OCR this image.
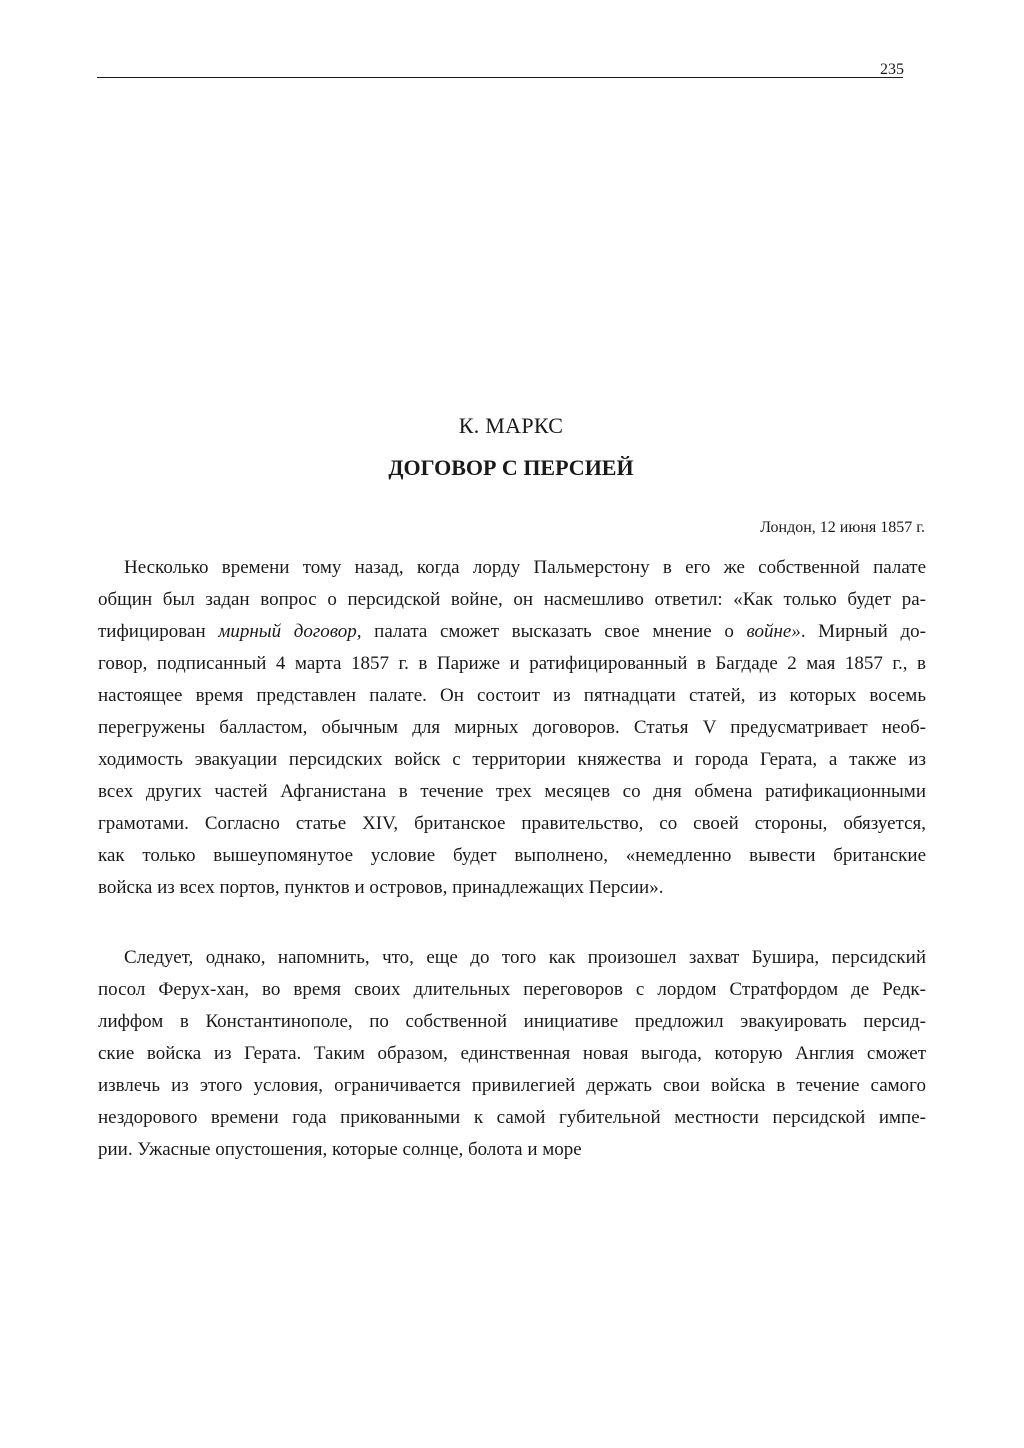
235
К. МАРКС
ДОГОВОР С ПЕРСИЕЙ
Лондон, 12 июня 1857 г.
Несколько времени тому назад, когда лорду Пальмерстону в его же собственной палате
общин был задан вопрос о персидской войне, он насмешливо ответил: «Как только будет ра-
тифицирован мирный договор, палата сможет высказать свое мнение о войне». Мирный до-
говор, подписанный 4 марта 1857 г. в Париже и ратифицированный в Багдаде 2 мая 1857 г., в
настоящее время представлен палате. Он состоит из пятнадцати статей, из которых восемь
перегружены балластом, обычным для мирных договоров. Статья V предусматривает необ-
ходимость эвакуации персидских войск с территории княжества и города Герата, а также из
всех других частей Афганистана в течение трех месяцев со дня обмена ратификационными
грамотами. Согласно статье XIV, британское правительство, со своей стороны, обязуется,
как только вышеупомянутое условие будет выполнено, «немедленно вывести британские
войска из всех портов, пунктов и островов, принадлежащих Персии».
Следует, однако, напомнить, что, еще до того как произошел захват Бушира, персидский
посол Ферух-хан, во время своих длительных переговоров с лордом Стратфордом де Редк-
лиффом в Константинополе, по собственной инициативе предложил эвакуировать персид-
ские войска из Герата. Таким образом, единственная новая выгода, которую Англия сможет
извлечь из этого условия, ограничивается привилегией держать свои войска в течение самого
нездорового времени года прикованными к самой губительной местности персидской импе-
рии. Ужасные опустошения, которые солнце, болота и море
